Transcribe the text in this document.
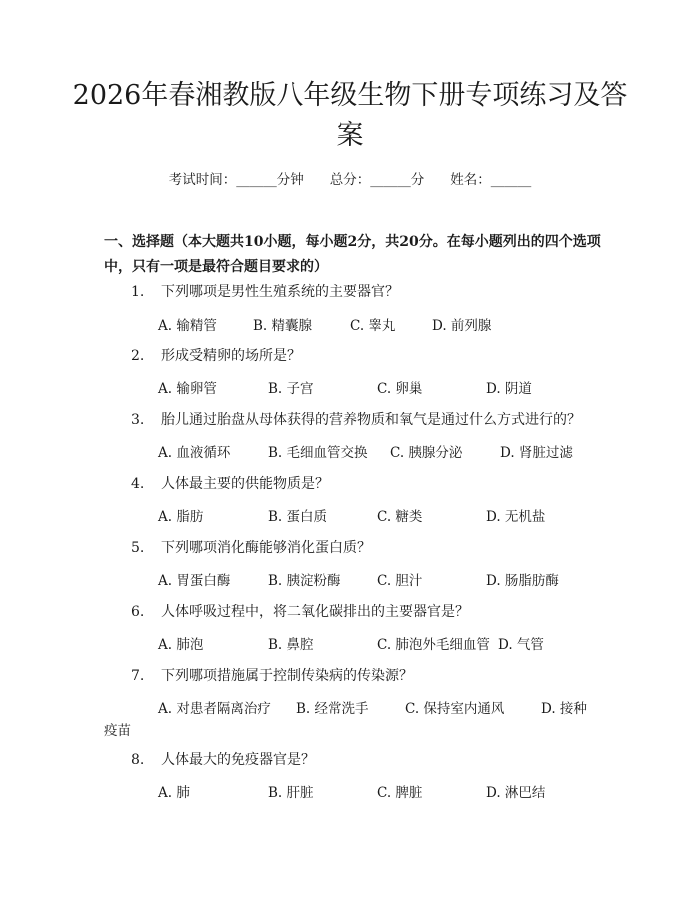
2026年春湘教版八年级生物下册专项练习及答案
考试时间：______分钟 总分：______分 姓名：______

一、选择题（本大题共10小题，每小题2分，共20分。在每小题列出的四个选项中，只有一项是最符合题目要求的）

1. 下列哪项是男性生殖系统的主要器官？
A. 输精管	B. 精囊腺	C. 睾丸	D. 前列腺
2. 形成受精卵的场所是？
A. 输卵管	B. 子宫	C. 卵巢	D. 阴道
3. 胎儿通过胎盘从母体获得的营养物质和氧气是通过什么方式进行的？
A. 血液循环	B. 毛细血管交换 C. 胰腺分泌	D. 肾脏过滤
4. 人体最主要的供能物质是？
A. 脂肪	B. 蛋白质	C. 糖类	D. 无机盐
5. 下列哪项消化酶能够消化蛋白质？
A. 胃蛋白酶	B. 胰淀粉酶	C. 胆汁	D. 肠脂肪酶
6. 人体呼吸过程中，将二氧化碳排出的主要器官是？
A. 肺泡	B. 鼻腔	C. 肺泡外毛细血管 D. 气管
7. 下列哪项措施属于控制传染病的传染源？
A. 对患者隔离治疗 B. 经常洗手	C. 保持室内通风	D. 接种
疫苗
8. 人体最大的免疫器官是？
A. 肺	B. 肝脏	C. 脾脏	D. 淋巴结
